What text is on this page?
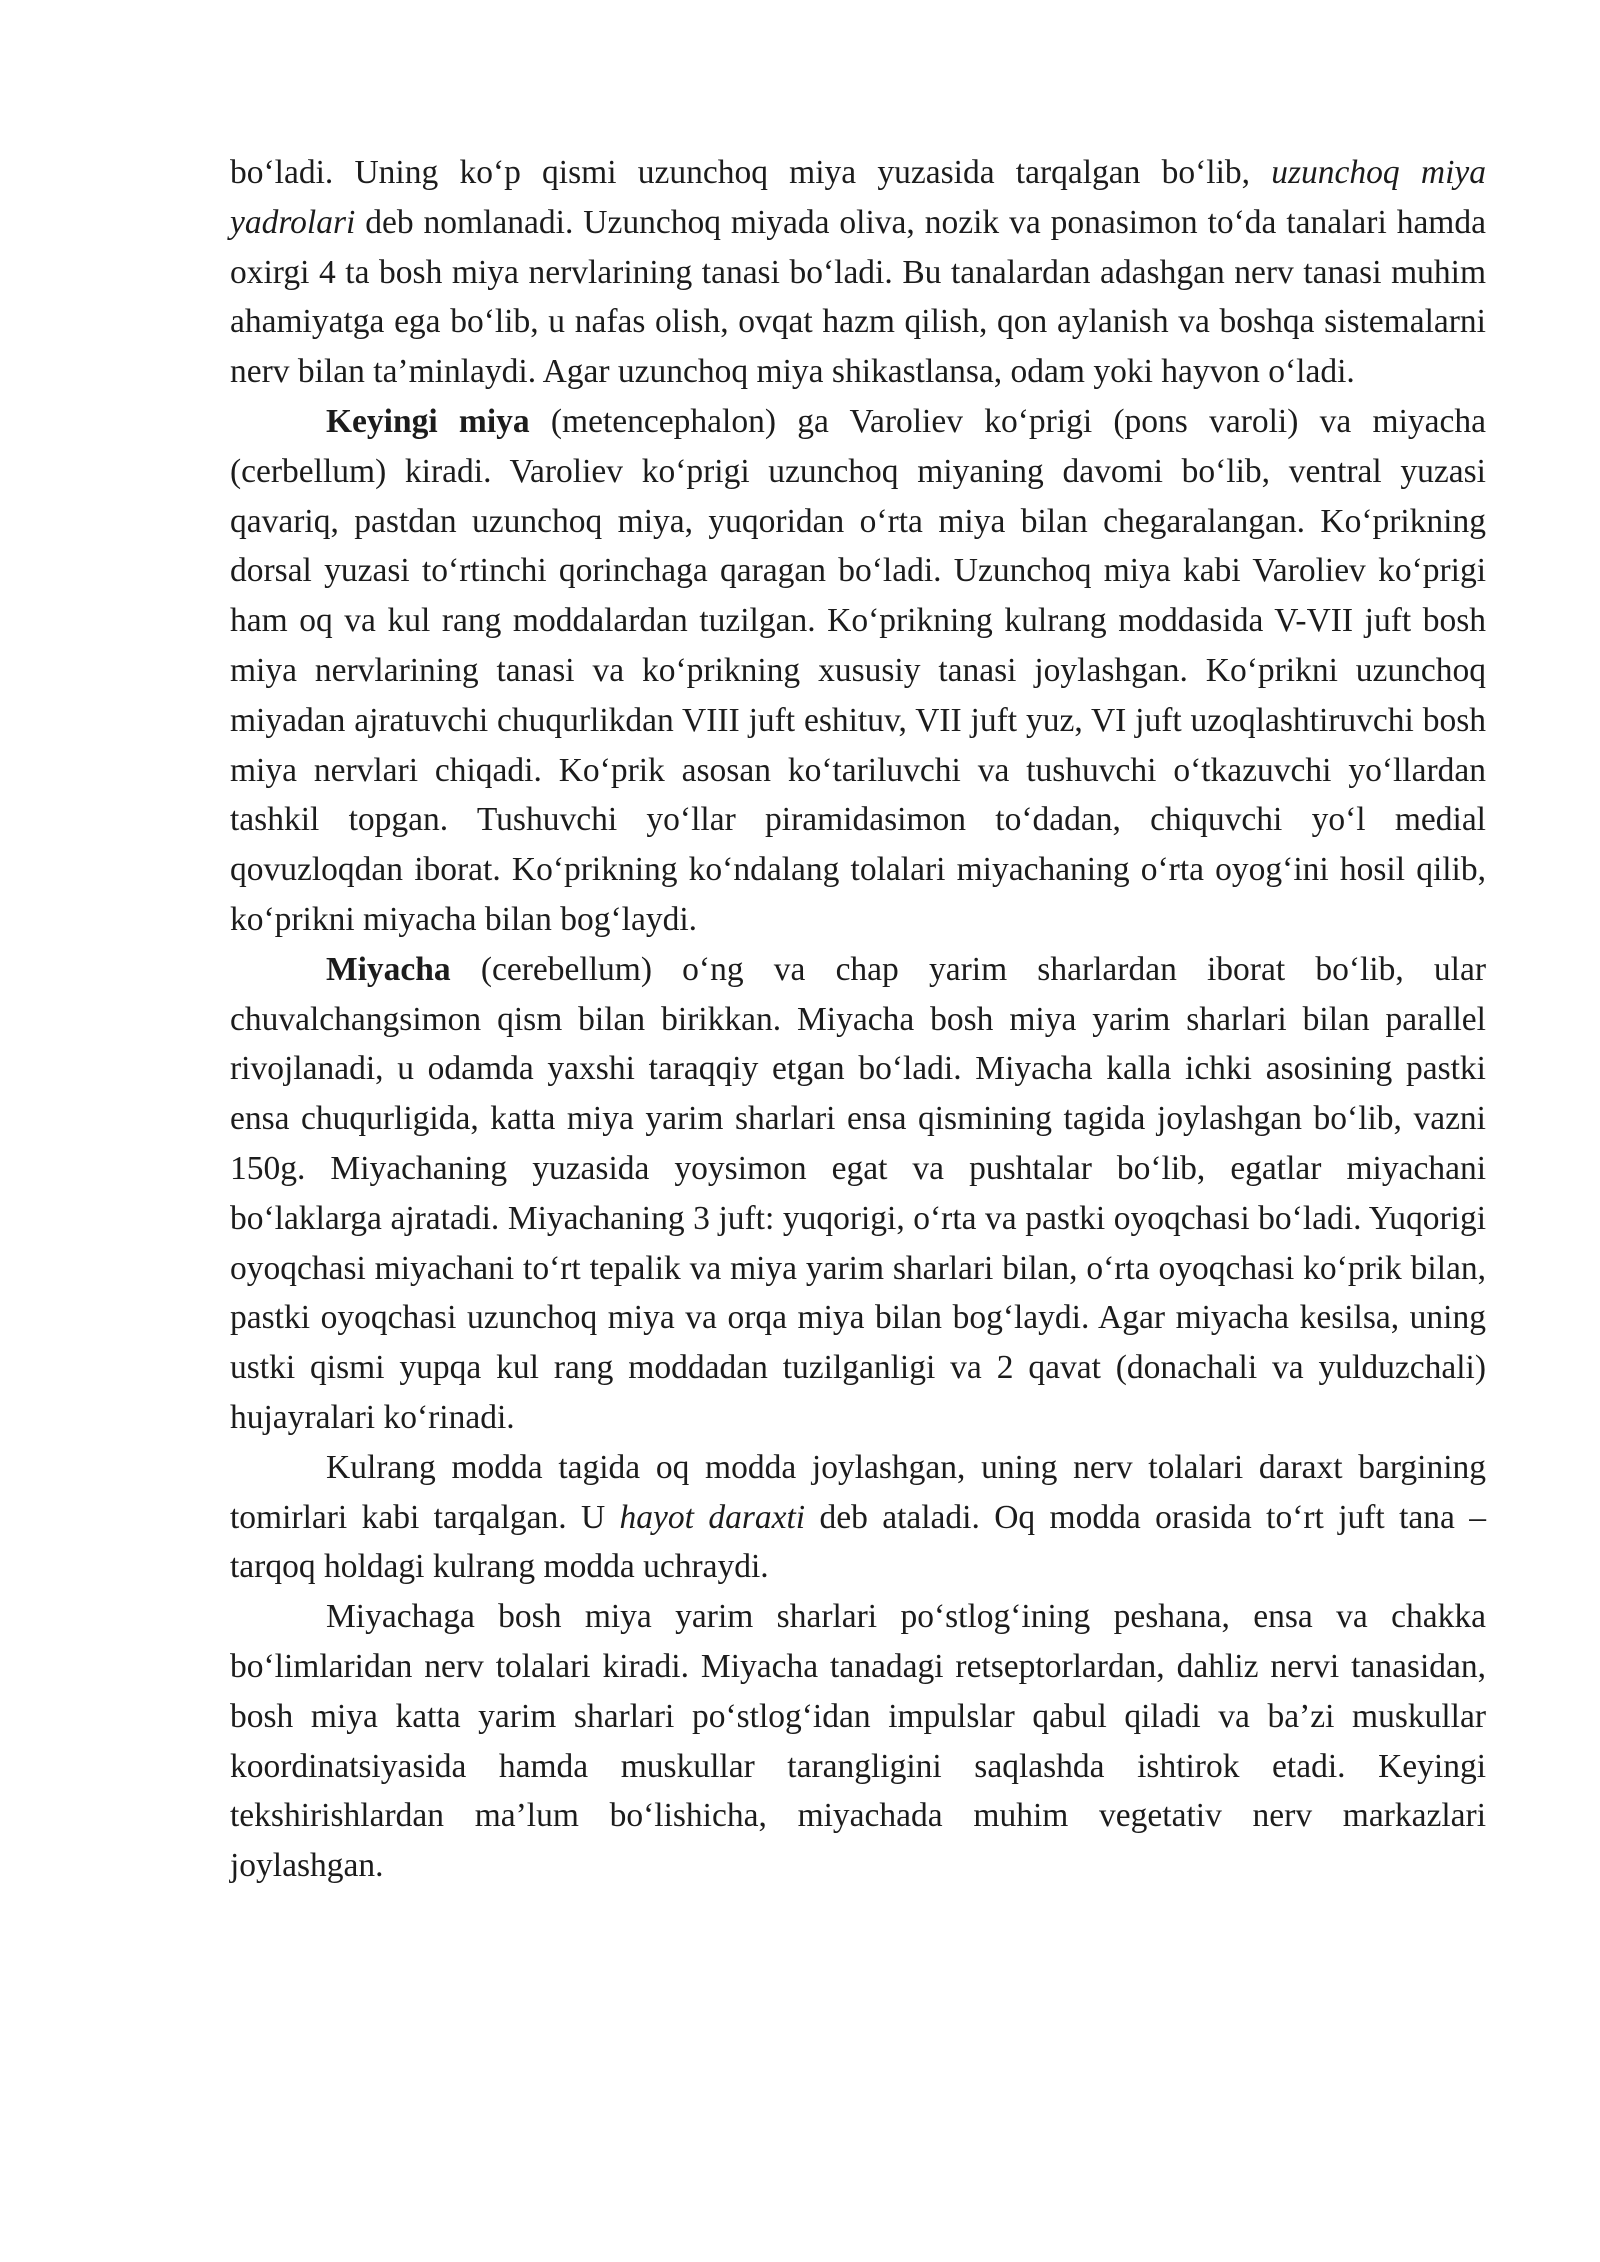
bo‘ladi. Uning ko‘p qismi uzunchoq miya yuzasida tarqalgan bo‘lib, uzunchoq miya yadrolari deb nomlanadi. Uzunchoq miyada oliva, nozik va ponasimon to‘da tanalari hamda oxirgi 4 ta bosh miya nervlarining tanasi bo‘ladi. Bu tanalardan adashgan nerv tanasi muhim ahamiyatga ega bo‘lib, u nafas olish, ovqat hazm qilish, qon aylanish va boshqa sistemalarni nerv bilan ta’minlaydi. Agar uzunchoq miya shikastlansa, odam yoki hayvon o‘ladi.

Keyingi miya (metencephalon) ga Varoliev ko‘prigi (pons varoli) va miyacha (cerbellum) kiradi. Varoliev ko‘prigi uzunchoq miyaning davomi bo‘lib, ventral yuzasi qavariq, pastdan uzunchoq miya, yuqoridan o‘rta miya bilan chegaralangan. Ko‘prikning dorsal yuzasi to‘rtinchi qorinchaga qaragan bo‘ladi. Uzunchoq miya kabi Varoliev ko‘prigi ham oq va kul rang moddalardan tuzilgan. Ko‘prikning kulrang moddasida V-VII juft bosh miya nervlarining tanasi va ko‘prikning xususiy tanasi joylashgan. Ko‘prikni uzunchoq miyadan ajratuvchi chuqurlikdan VIII juft eshituv, VII juft yuz, VI juft uzoqlashtiruvchi bosh miya nervlari chiqadi. Ko‘prik asosan ko‘tariluvchi va tushuvchi o‘tkazuvchi yo‘llardan tashkil topgan. Tushuvchi yo‘llar piramidasimon to‘dadan, chiquvchi yo‘l medial qovuzloqdan iborat. Ko‘prikning ko‘ndalang tolalari miyachaning o‘rta oyog‘ini hosil qilib, ko‘prikni miyacha bilan bog‘laydi.

Miyacha (cerebellum) o‘ng va chap yarim sharlardan iborat bo‘lib, ular chuvalchangsimon qism bilan birikkan. Miyacha bosh miya yarim sharlari bilan parallel rivojlanadi, u odamda yaxshi taraqqiy etgan bo‘ladi. Miyacha kalla ichki asosining pastki ensa chuqurligida, katta miya yarim sharlari ensa qismining tagida joylashgan bo‘lib, vazni 150g. Miyachaning yuzasida yoysimon egat va pushtalar bo‘lib, egatlar miyachani bo‘laklarga ajratadi. Miyachaning 3 juft: yuqorigi, o‘rta va pastki oyoqchasi bo‘ladi. Yuqorigi oyoqchasi miyachani to‘rt tepalik va miya yarim sharlari bilan, o‘rta oyoqchasi ko‘prik bilan, pastki oyoqchasi uzunchoq miya va orqa miya bilan bog‘laydi. Agar miyacha kesilsa, uning ustki qismi yupqa kul rang moddadan tuzilganligi va 2 qavat (donachali va yulduzchali) hujayralari ko‘rinadi.

Kulrang modda tagida oq modda joylashgan, uning nerv tolalari daraxt bargining tomirlari kabi tarqalgan. U hayot daraxti deb ataladi. Oq modda orasida to‘rt juft tana – tarqoq holdagi kulrang modda uchraydi.

Miyachaga bosh miya yarim sharlari po‘stlog‘ining peshana, ensa va chakka bo‘limlaridan nerv tolalari kiradi. Miyacha tanadagi retseptorlardan, dahliz nervi tanasidan, bosh miya katta yarim sharlari po‘stlog‘idan impulslar qabul qiladi va ba’zi muskullar koordinatsiyasida hamda muskullar tarangligini saqlashda ishtirok etadi. Keyingi tekshirishlardan ma’lum bo‘lishicha, miyachada muhim vegetativ nerv markazlari joylashgan.
